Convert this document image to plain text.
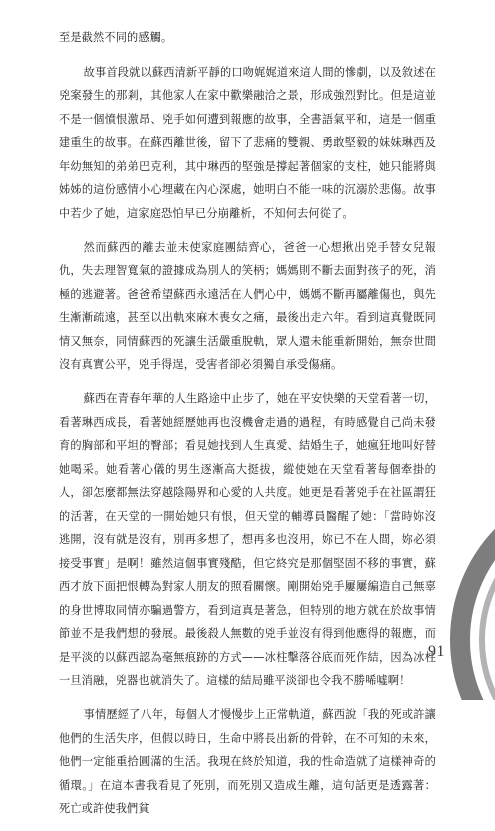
至是截然不同的感觸。

故事首段就以蘇西清新平靜的口吻娓娓道來這人間的慘劇，以及敘述在兇案發生的那剎，其他家人在家中歡樂融洽之景，形成強烈對比。但是這並不是一個憤恨激昂、兇手如何遭到報應的故事，全書語氣平和，這是一個重建重生的故事。在蘇西離世後，留下了悲痛的雙親、勇敢堅毅的妹妹琳西及年幼無知的弟弟巴克利，其中琳西的堅強是撐起著個家的支柱，她只能將與姊姊的這份感情小心埋藏在內心深處，她明白不能一味的沉溺於悲傷。故事中若少了她，這家庭恐怕早已分崩離析，不知何去何從了。

然而蘇西的離去並未使家庭團結齊心，爸爸一心想揪出兇手替女兒報仇，失去理智寬氣的證據成為別人的笑柄；媽媽則不斷去面對孩子的死，消極的逃避著。爸爸希望蘇西永遠活在人們心中，媽媽不斷再屬離傷也，與先生漸漸疏遠，甚至以出軌來麻木喪女之痛，最後出走六年。看到這真覺既同情又無奈，同情蘇西的死讓生活嚴重脫軌，眾人還未能重新開始，無奈世間沒有真實公平，兇手得逞，受害者卻必須獨自承受傷痛。

蘇西在青春年華的人生路途中止步了，她在平安快樂的天堂看著一切，看著琳西成長，看著她經歷她再也沒機會走過的過程，有時感覺自己尚未發育的胸部和平坦的臀部；看見她找到人生真愛、結婚生子，她瘋狂地叫好替她喝采。她看著心儀的男生逐漸高大挺拔，縱使她在天堂看著每個牽掛的人，卻怎麼都無法穿越陰陽界和心愛的人共度。她更是看著兇手在社區謂狂的活著，在天堂的一開始她只有恨，但天堂的輔導員醫醒了她：「當時妳沒逃開，沒有就是沒有，別再多想了，想再多也沒用，妳已不在人間，妳必須接受事實」是啊！雖然這個事實殘酷，但它終究是那個堅固不移的事實，蘇西才放下面把恨轉為對家人朋友的照看關懷。剛開始兇手屢屢編造自己無辜的身世博取同情亦騙過警方，看到這真是著急，但特別的地方就在於故事情節並不是我們想的發展。最後殺人無數的兇手並沒有得到他應得的報應，而是平淡的以蘇西認為毫無痕跡的方式——冰柱擊落谷底而死作結，因為冰柱一旦消融，兇器也就消失了。這樣的結局雖平淡卻也令我不勝唏噓啊！

事情歷經了八年，每個人才慢慢步上正常軌道，蘇西說「我的死或許讓他們的生活失序，但假以時日，生命中將長出新的骨幹，在不可知的未來，他們一定能重拾圓滿的生活。我現在終於知道，我的性命造就了這樣神奇的循環。」在這本書我看見了死別，而死別又造成生離，這句話更是透露著：死亡或許使我們貧

91
